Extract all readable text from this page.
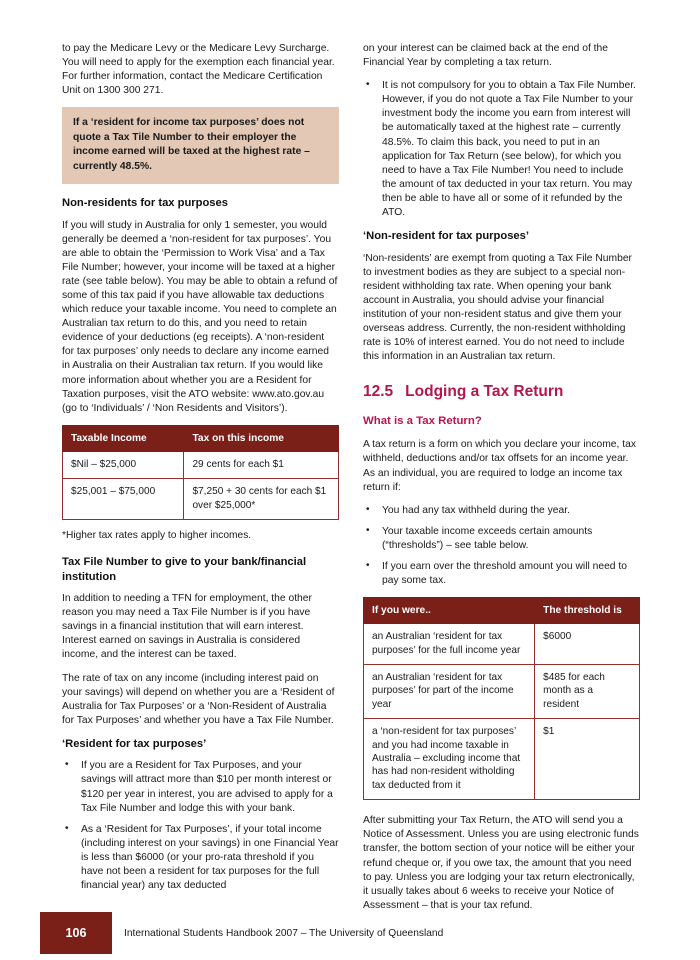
to pay the Medicare Levy or the Medicare Levy Surcharge. You will need to apply for the exemption each financial year. For further information, contact the Medicare Certification Unit on 1300 300 271.

If a ‘resident for income tax purposes’ does not quote a Tax Tile Number to their employer the income earned will be taxed at the highest rate – currently 48.5%.

Non-residents for tax purposes

If you will study in Australia for only 1 semester, you would generally be deemed a ‘non-resident for tax purposes’. You are able to obtain the ‘Permission to Work Visa’ and a Tax File Number; however, your income will be taxed at a higher rate (see table below). You may be able to obtain a refund of some of this tax paid if you have allowable tax deductions which reduce your taxable income. You need to complete an Australian tax return to do this, and you need to retain evidence of your deductions (eg receipts). A ‘non-resident for tax purposes’ only needs to declare any income earned in Australia on their Australian tax return. If you would like more information about whether you are a Resident for Taxation purposes, visit the ATO website: www.ato.gov.au (go to ‘Individuals’ / ‘Non Residents and Visitors’).

Taxable Income	Tax on this income
$Nil – $25,000	29 cents for each $1
$25,001 – $75,000	$7,250 + 30 cents for each $1 over $25,000*

*Higher tax rates apply to higher incomes.

Tax File Number to give to your bank/financial institution

In addition to needing a TFN for employment, the other reason you may need a Tax File Number is if you have savings in a financial institution that will earn interest. Interest earned on savings in Australia is considered income, and the interest can be taxed.

The rate of tax on any income (including interest paid on your savings) will depend on whether you are a ‘Resident of Australia for Tax Purposes’ or a ‘Non-Resident of Australia for Tax Purposes’ and whether you have a Tax File Number.

‘Resident for tax purposes’
• If you are a Resident for Tax Purposes, and your savings will attract more than $10 per month interest or $120 per year in interest, you are advised to apply for a Tax File Number and lodge this with your bank.
• As a ‘Resident for Tax Purposes’, if your total income (including interest on your savings) in one Financial Year is less than $6000 (or your pro-rata threshold if you have not been a resident for tax purposes for the full financial year) any tax deducted

on your interest can be claimed back at the end of the Financial Year by completing a tax return.

• It is not compulsory for you to obtain a Tax File Number. However, if you do not quote a Tax File Number to your investment body the income you earn from interest will be automatically taxed at the highest rate – currently 48.5%. To claim this back, you need to put in an application for Tax Return (see below), for which you need to have a Tax File Number! You need to include the amount of tax deducted in your tax return. You may then be able to have all or some of it refunded by the ATO.
‘Non-resident for tax purposes’

‘Non-residents’ are exempt from quoting a Tax File Number to investment bodies as they are subject to a special non-resident withholding tax rate. When opening your bank account in Australia, you should advise your financial institution of your non-resident status and give them your overseas address. Currently, the non-resident withholding rate is 10% of interest earned. You do not need to include this information in an Australian tax return.

12.5 Lodging a Tax Return
What is a Tax Return?

A tax return is a form on which you declare your income, tax withheld, deductions and/or tax offsets for an income year. As an individual, you are required to lodge an income tax return if:

• You had any tax withheld during the year.
• Your taxable income exceeds certain amounts (“thresholds”) – see table below.
• If you earn over the threshold amount you will need to pay some tax.
If you were..	The threshold is
an Australian ‘resident for tax purposes’ for the full income year	$6000
an Australian ‘resident for tax purposes’ for part of the income year	$485 for each month as a resident
a ‘non-resident for tax purposes’ and you had income taxable in Australia – excluding income that has had non-resident witholding tax deducted from it	$1

After submitting your Tax Return, the ATO will send you a Notice of Assessment. Unless you are using electronic funds transfer, the bottom section of your notice will be either your refund cheque or, if you owe tax, the amount that you need to pay. Unless you are lodging your tax return electronically, it usually takes about 6 weeks to receive your Notice of Assessment – that is your tax refund.

106	International Students Handbook 2007 – The University of Queensland
